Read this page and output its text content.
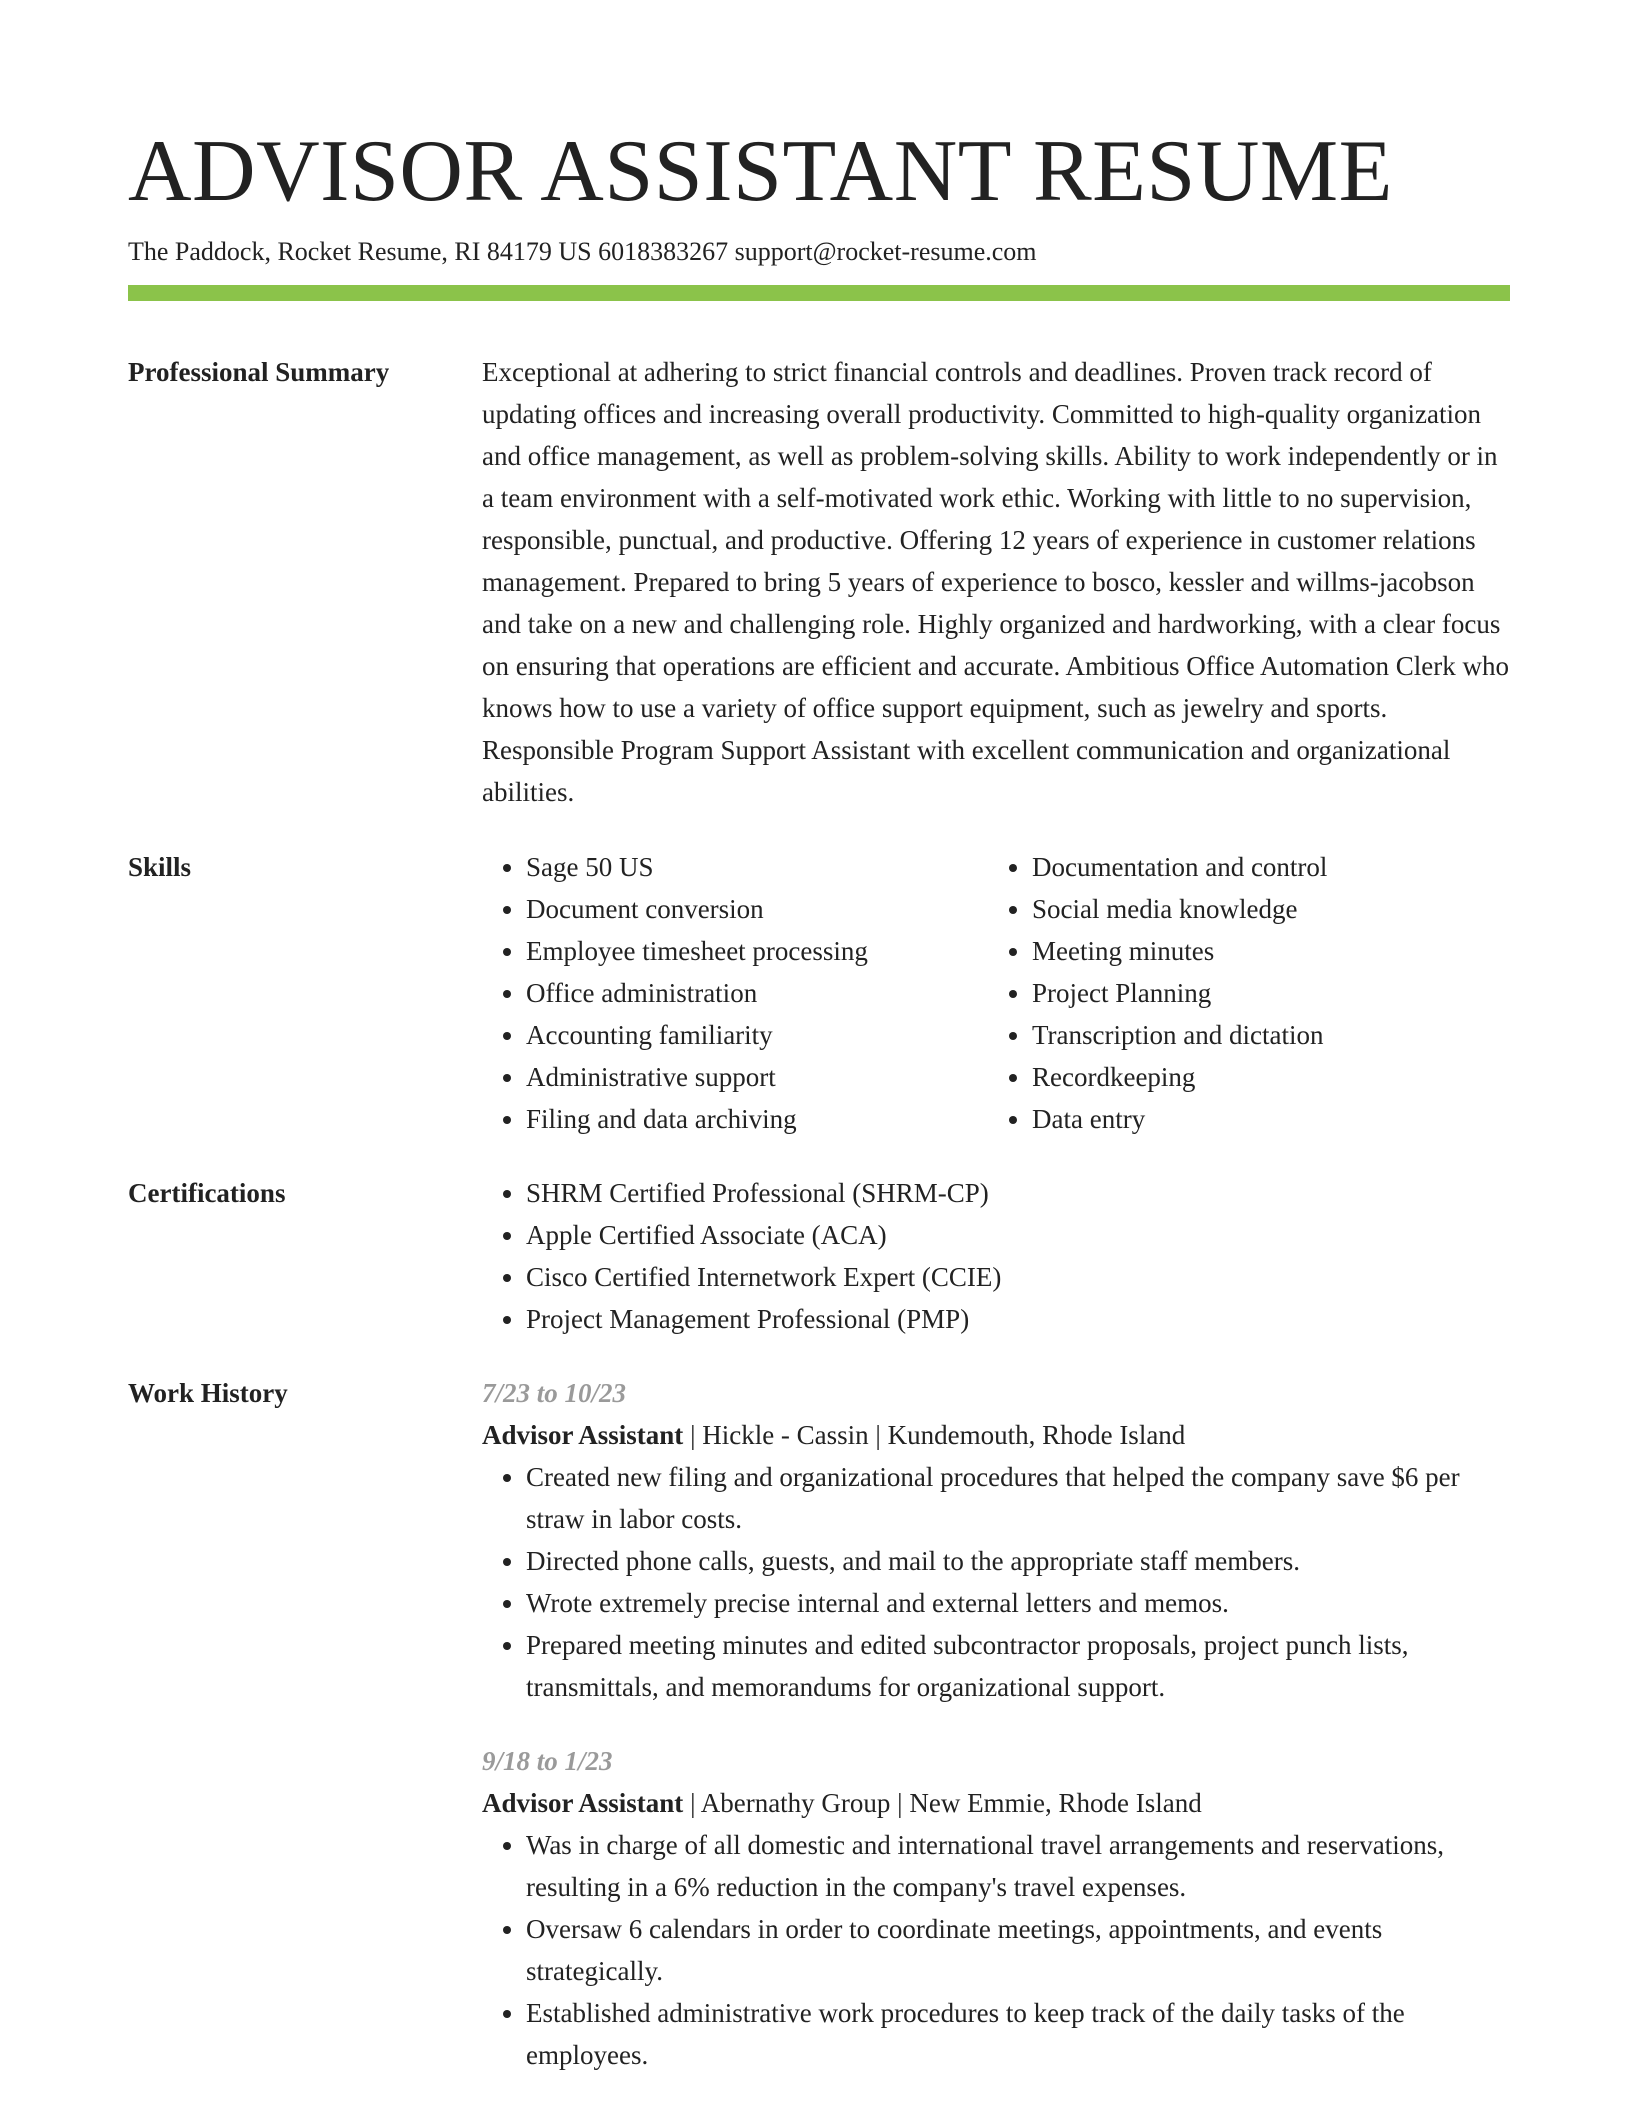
ADVISOR ASSISTANT RESUME
The Paddock, Rocket Resume, RI 84179 US 6018383267 support@rocket-resume.com
Professional Summary	Exceptional at adhering to strict financial controls and deadlines. Proven track record of updating offices and increasing overall productivity. Committed to high-quality organization and office management, as well as problem-solving skills. Ability to work independently or in a team environment with a self-motivated work ethic. Working with little to no supervision, responsible, punctual, and productive. Offering 12 years of experience in customer relations management. Prepared to bring 5 years of experience to bosco, kessler and willms-jacobson and take on a new and challenging role. Highly organized and hardworking, with a clear focus on ensuring that operations are efficient and accurate. Ambitious Office Automation Clerk who knows how to use a variety of office support equipment, such as jewelry and sports. Responsible Program Support Assistant with excellent communication and organizational abilities.

Skills	• Sage 50 US
• Document conversion
• Employee timesheet processing
• Office administration
• Accounting familiarity
• Administrative support
• Filing and data archiving
• Documentation and control
• Social media knowledge
• Meeting minutes
• Project Planning
• Transcription and dictation
• Recordkeeping
• Data entry
Certifications	• SHRM Certified Professional (SHRM-CP)
• Apple Certified Associate (ACA)
• Cisco Certified Internetwork Expert (CCIE)
• Project Management Professional (PMP)
Work History	7/23 to 10/23
Advisor Assistant | Hickle - Cassin | Kundemouth, Rhode Island
• Created new filing and organizational procedures that helped the company save $6 per straw in labor costs.
• Directed phone calls, guests, and mail to the appropriate staff members.
• Wrote extremely precise internal and external letters and memos.
• Prepared meeting minutes and edited subcontractor proposals, project punch lists, transmittals, and memorandums for organizational support.
9/18 to 1/23
Advisor Assistant | Abernathy Group | New Emmie, Rhode Island
• Was in charge of all domestic and international travel arrangements and reservations, resulting in a 6% reduction in the company's travel expenses.
• Oversaw 6 calendars in order to coordinate meetings, appointments, and events strategically.
• Established administrative work procedures to keep track of the daily tasks of the employees.
